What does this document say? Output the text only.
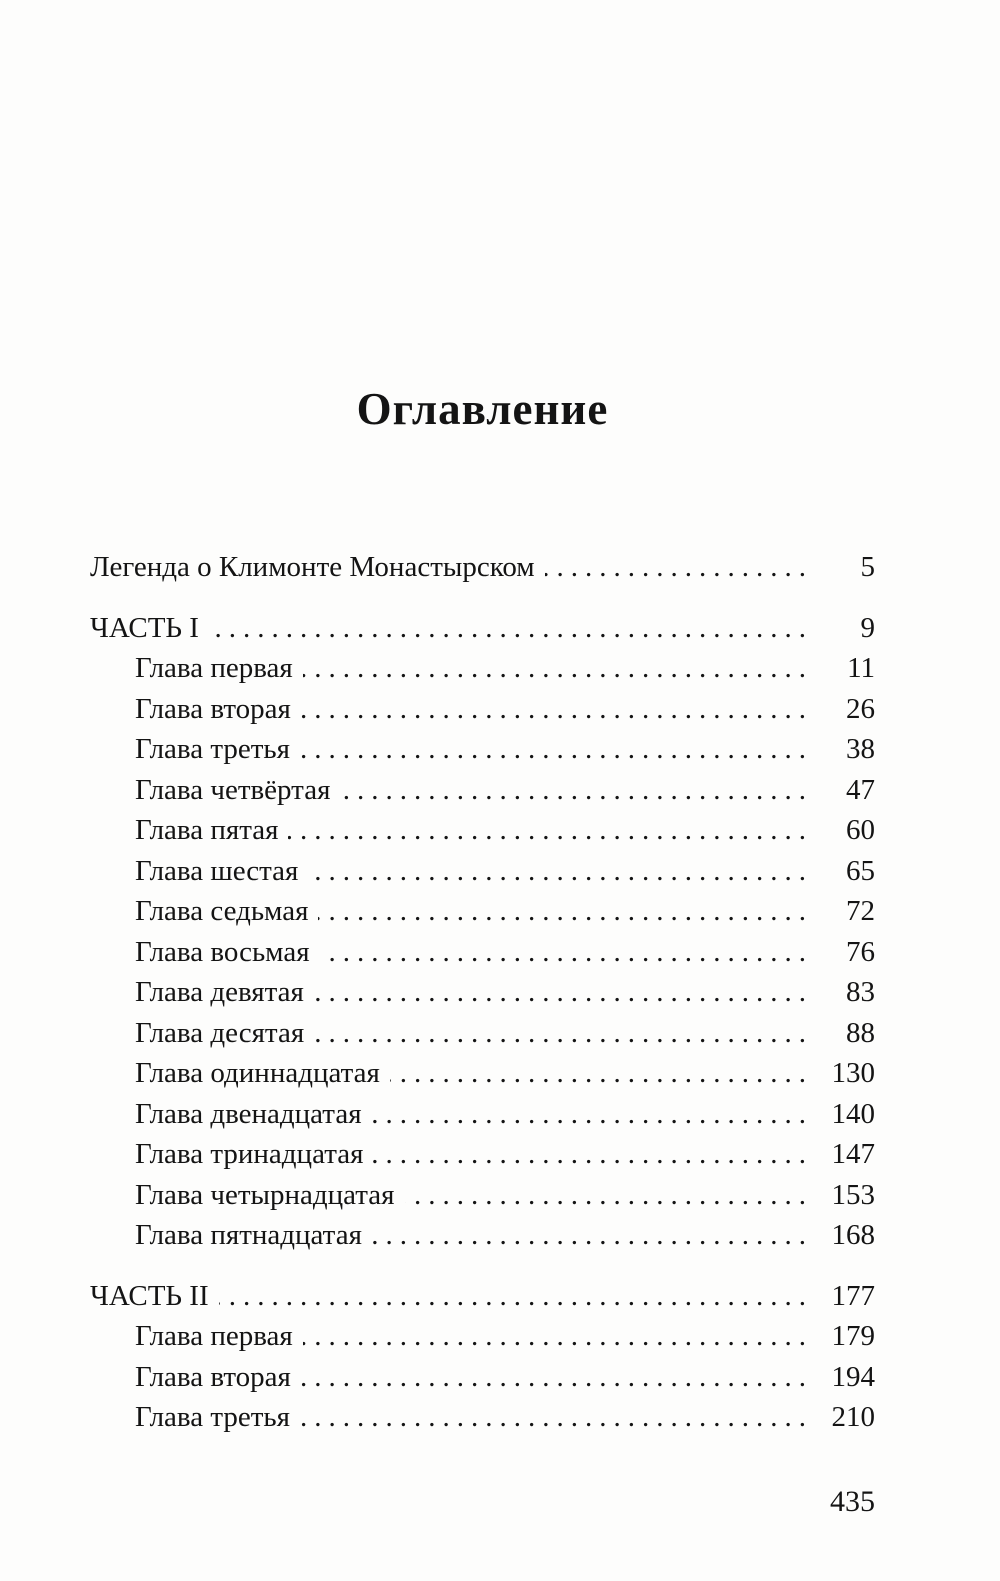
Оглавление
Легенда о Климонте Монастырском .....	5
ЧАСТЬ I .....	9
Глава первая .....	11
Глава вторая .....	26
Глава третья .....	38
Глава четвёртая .....	47
Глава пятая .....	60
Глава шестая .....	65
Глава седьмая .....	72
Глава восьмая .....	76
Глава девятая .....	83
Глава десятая .....	88
Глава одиннадцатая .....	130
Глава двенадцатая .....	140
Глава тринадцатая .....	147
Глава четырнадцатая .....	153
Глава пятнадцатая .....	168
ЧАСТЬ II .....	177
Глава первая .....	179
Глава вторая .....	194
Глава третья .....	210
435
